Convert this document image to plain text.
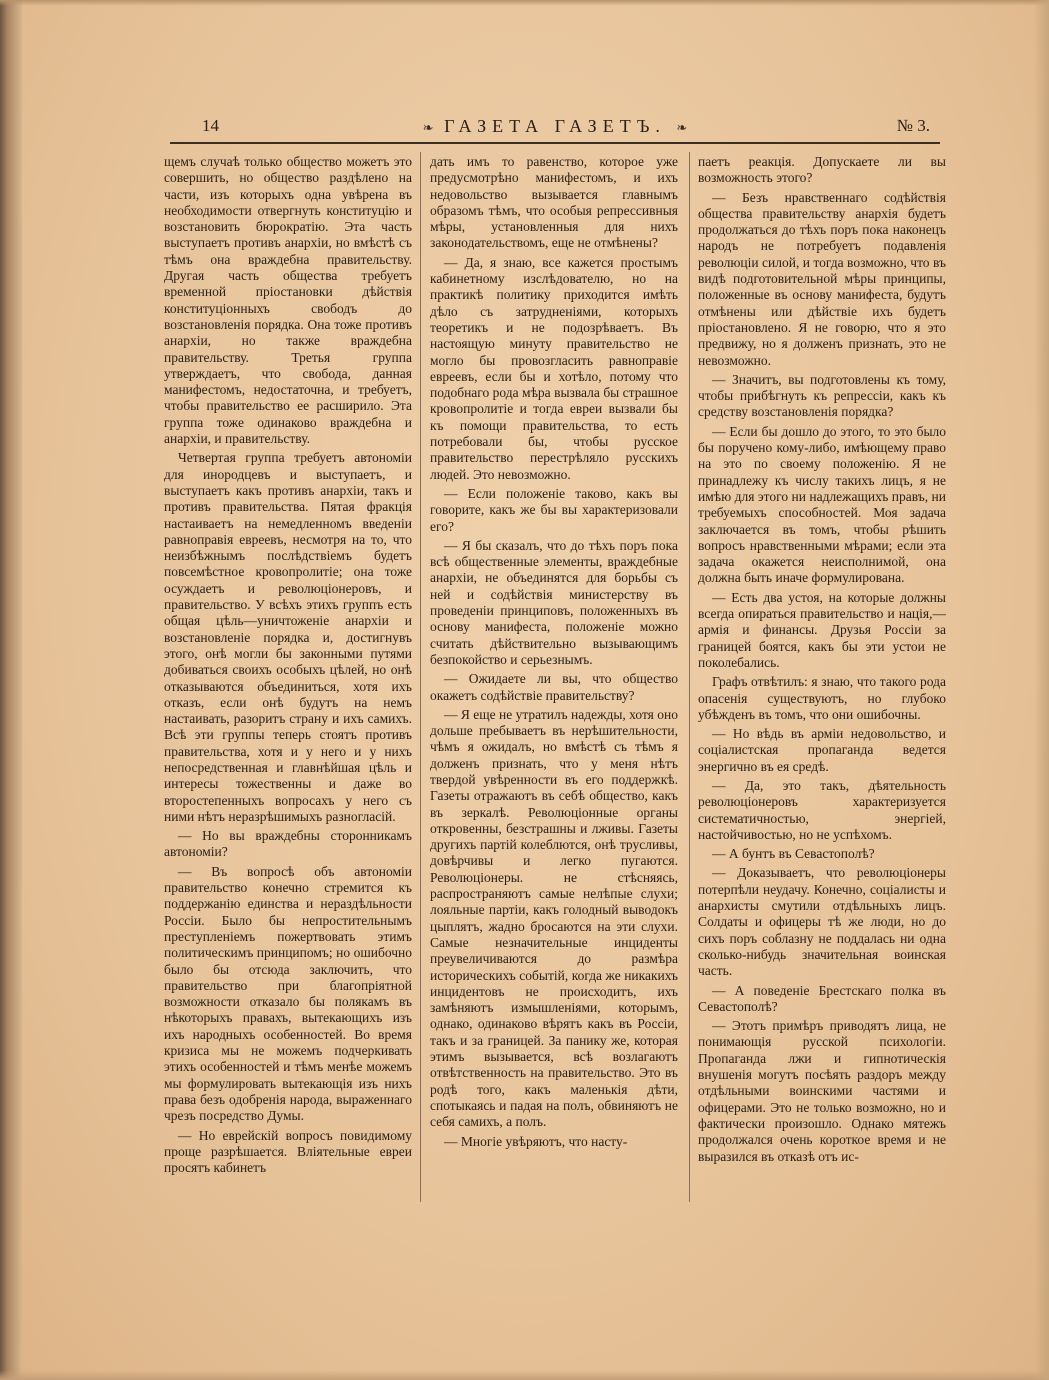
14	❧ ГАЗЕТА ГАЗЕТЪ. ❧	№ 3.

щемъ случаѣ только общество можетъ это совершить, но общество раздѣлено на части, изъ которыхъ одна увѣрена въ необходимости отвергнуть конституцію и возстановить бюрократію. Эта часть выступаетъ противъ анархіи, но вмѣстѣ съ тѣмъ она враждебна правительству. Другая часть общества требуетъ временной пріостановки дѣйствія конституціонныхъ свободъ до возстановленія порядка. Она тоже противъ анархіи, но также враждебна правительству. Третья группа утверждаетъ, что свобода, данная манифестомъ, недостаточна, и требуетъ, чтобы правительство ее расширило. Эта группа тоже одинаково враждебна и анархіи, и правительству.

Четвертая группа требуетъ автономіи для инородцевъ и выступаетъ, и выступаетъ какъ противъ анархіи, такъ и противъ правительства. Пятая фракція настаиваетъ на немедленномъ введеніи равноправія евреевъ, несмотря на то, что неизбѣжнымъ послѣдствіемъ будетъ повсемѣстное кровопролитіе; она тоже осуждаетъ и революціонеровъ, и правительство. У всѣхъ этихъ группъ есть общая цѣль—уничтоженіе анархіи и возстановленіе порядка и, достигнувъ этого, онѣ могли бы законными путями добиваться своихъ особыхъ цѣлей, но онѣ отказываются объединиться, хотя ихъ отказъ, если онѣ будутъ на немъ настаивать, разоритъ страну и ихъ самихъ. Всѣ эти группы теперь стоятъ противъ правительства, хотя и у него и у нихъ непосредственная и главнѣйшая цѣль и интересы тожественны и даже во второстепенныхъ вопросахъ у него съ ними нѣтъ неразрѣшимыхъ разногласій.

— Но вы враждебны сторонникамъ автономіи?

— Въ вопросѣ объ автономіи правительство конечно стремится къ поддержанію единства и нераздѣльности Россіи. Было бы непростительнымъ преступленіемъ пожертвовать этимъ политическимъ принципомъ; но ошибочно было бы отсюда заключить, что правительство при благопріятной возможности отказало бы полякамъ въ нѣкоторыхъ правахъ, вытекающихъ изъ ихъ народныхъ особенностей. Во время кризиса мы не можемъ подчеркивать этихъ особенностей и тѣмъ менѣе можемъ мы формулировать вытекающія изъ нихъ права безъ одобренія народа, выраженнаго чрезъ посредство Думы.

— Но еврейскій вопросъ повидимому проще разрѣшается. Вліятельные евреи просятъ кабинетъ

дать имъ то равенство, которое уже предусмотрѣно манифестомъ, и ихъ недовольство вызывается главнымъ образомъ тѣмъ, что особыя репрессивныя мѣры, установленныя для нихъ законодательствомъ, еще не отмѣнены?

— Да, я знаю, все кажется простымъ кабинетному изслѣдователю, но на практикѣ политику приходится имѣть дѣло съ затрудненіями, которыхъ теоретикъ и не подозрѣваетъ. Въ настоящую минуту правительство не могло бы провозгласить равноправіе евреевъ, если бы и хотѣло, потому что подобнаго рода мѣра вызвала бы страшное кровопролитіе и тогда евреи вызвали бы къ помощи правительства, то есть потребовали бы, чтобы русское правительство перестрѣляло русскихъ людей. Это невозможно.

— Если положеніе таково, какъ вы говорите, какъ же бы вы характеризовали его?

— Я бы сказалъ, что до тѣхъ поръ пока всѣ общественные элементы, враждебные анархіи, не объединятся для борьбы съ ней и содѣйствія министерству въ проведеніи принциповъ, положенныхъ въ основу манифеста, положеніе можно считать дѣйствительно вызывающимъ безпокойство и серьезнымъ.

— Ожидаете ли вы, что общество окажетъ содѣйствіе правительству?

— Я еще не утратилъ надежды, хотя оно дольше пребываетъ въ нерѣшительности, чѣмъ я ожидалъ, но вмѣстѣ съ тѣмъ я долженъ признать, что у меня нѣтъ твердой увѣренности въ его поддержкѣ. Газеты отражаютъ въ себѣ общество, какъ въ зеркалѣ. Революціонные органы откровенны, безстрашны и лживы. Газеты другихъ партій колеблются, онѣ трусливы, довѣрчивы и легко пугаются. Революціонеры. не стѣсняясь, распространяютъ самые нелѣпые слухи; лояльные партіи, какъ голодный выводокъ цыплятъ, жадно бросаются на эти слухи. Самые незначительные инциденты преувеличиваются до размѣра историческихъ событій, когда же никакихъ инцидентовъ не происходитъ, ихъ замѣняютъ измышленіями, которымъ, однако, одинаково вѣрятъ какъ въ Россіи, такъ и за границей. За панику же, которая этимъ вызывается, всѣ возлагаютъ отвѣтственность на правительство. Это въ родѣ того, какъ маленькія дѣти, спотыкаясь и падая на полъ, обвиняютъ не себя самихъ, а полъ.

— Многіе увѣряютъ, что насту-

паетъ реакція. Допускаете ли вы возможность этого?

— Безъ нравственнаго содѣйствія общества правительству анархія будетъ продолжаться до тѣхъ поръ пока наконецъ народъ не потребуетъ подавленія революціи силой, и тогда возможно, что въ видѣ подготовительной мѣры принципы, положенные въ основу манифеста, будутъ отмѣнены или дѣйствіе ихъ будетъ пріостановлено. Я не говорю, что я это предвижу, но я долженъ признать, это не невозможно.

— Значитъ, вы подготовлены къ тому, чтобы прибѣгнуть къ репрессіи, какъ къ средству возстановленія порядка?

— Если бы дошло до этого, то это было бы поручено кому-либо, имѣющему право на это по своему положенію. Я не принадлежу къ числу такихъ лицъ, я не имѣю для этого ни надлежащихъ правъ, ни требуемыхъ способностей. Моя задача заключается въ томъ, чтобы рѣшить вопросъ нравственными мѣрами; если эта задача окажется неисполнимой, она должна быть иначе формулирована.

— Есть два устоя, на которые должны всегда опираться правительство и нація,—армія и финансы. Друзья Россіи за границей боятся, какъ бы эти устои не поколебались.

Графъ отвѣтилъ: я знаю, что такого рода опасенія существуютъ, но глубоко убѣжденъ въ томъ, что они ошибочны.

— Но вѣдь въ арміи недовольство, и соціалистская пропаганда ведется энергично въ ея средѣ.

— Да, это такъ, дѣятельность революціонеровъ характеризуется систематичностью, энергіей, настойчивостью, но не успѣхомъ.

— А бунтъ въ Севастополѣ?

— Доказываетъ, что революціонеры потерпѣли неудачу. Конечно, соціалисты и анархисты смутили отдѣльныхъ лицъ. Солдаты и офицеры тѣ же люди, но до сихъ поръ соблазну не поддалась ни одна сколько-нибудь значительная воинская часть.

— А поведеніе Брестскаго полка въ Севастополѣ?

— Этотъ примѣръ приводятъ лица, не понимающія русской психологіи. Пропаганда лжи и гипнотическія внушенія могутъ посѣять раздоръ между отдѣльными воинскими частями и офицерами. Это не только возможно, но и фактически произошло. Однако мятежъ продолжался очень короткое время и не выразился въ отказѣ отъ ис-
